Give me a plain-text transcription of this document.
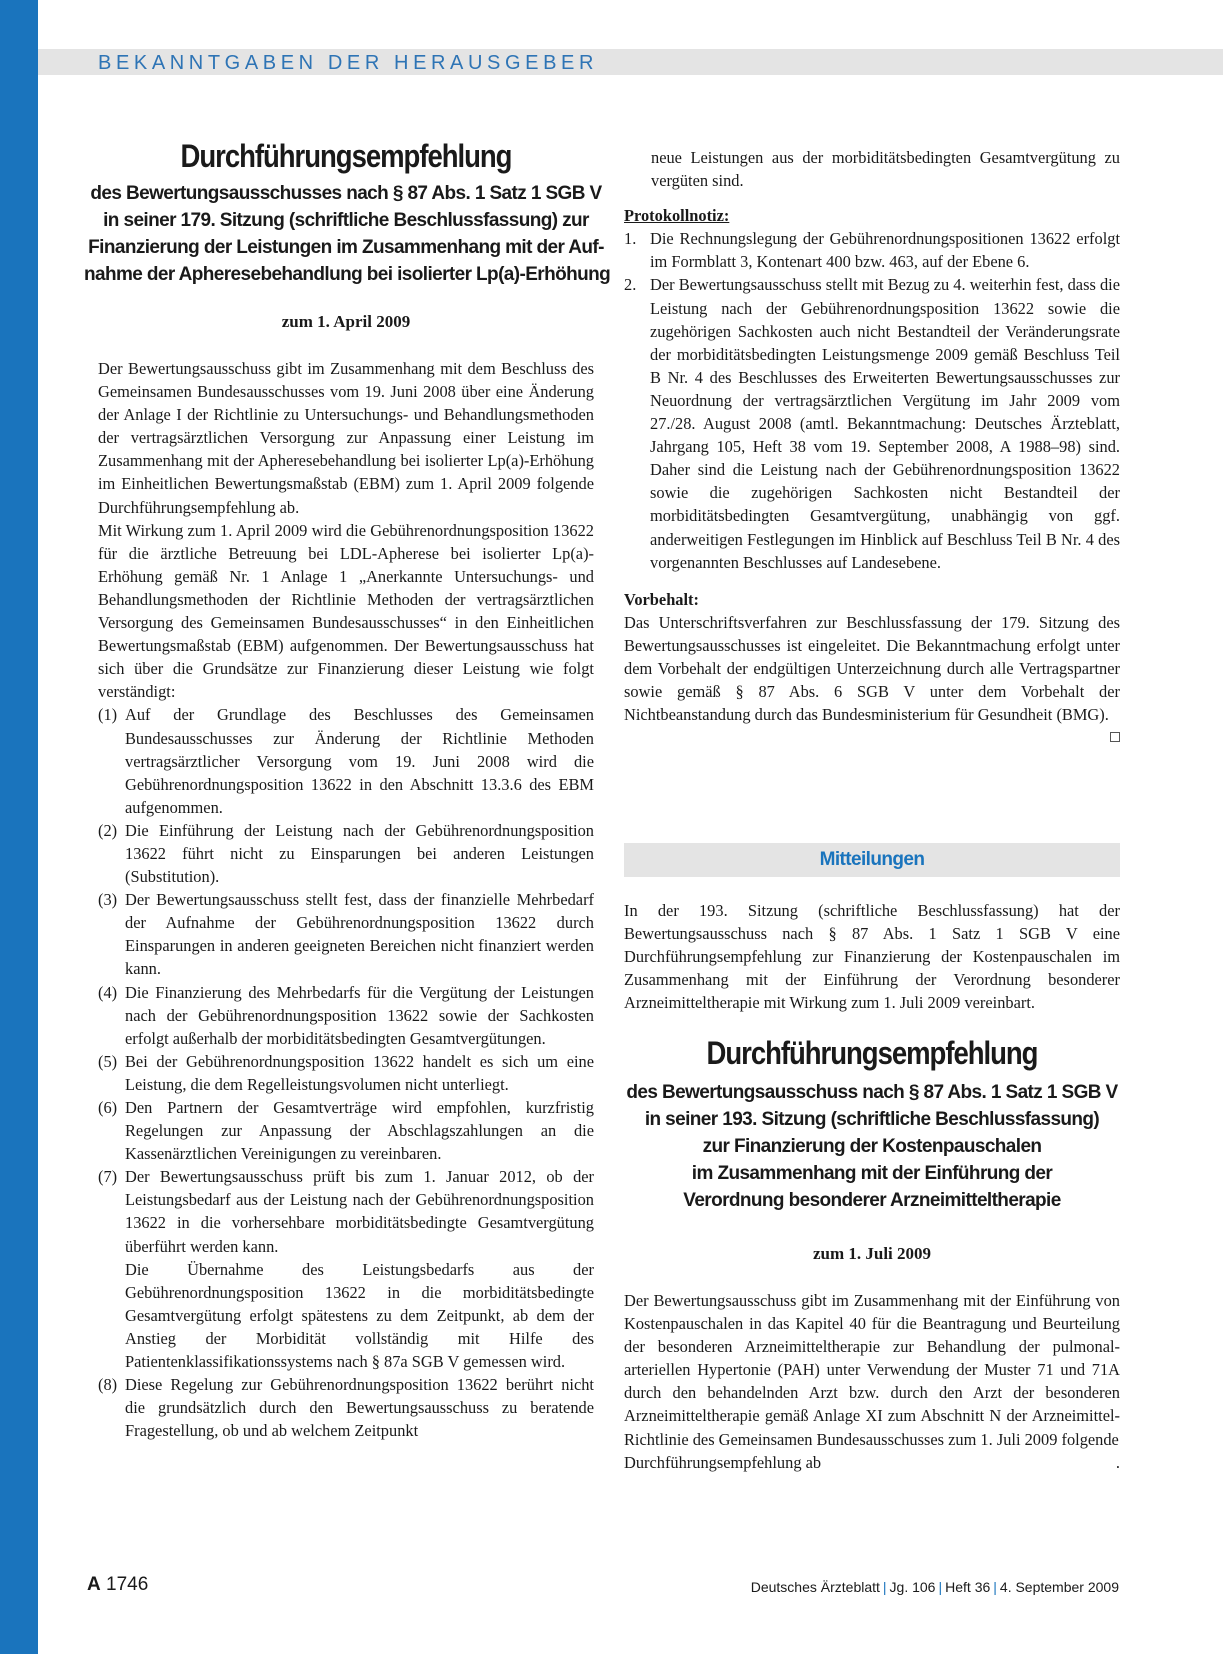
BEKANNTGABEN DER HERAUSGEBER
Durchführungsempfehlung
des Bewertungsausschusses nach § 87 Abs. 1 Satz 1 SGB V
in seiner 179. Sitzung (schriftliche Beschlussfassung) zur
Finanzierung der Leistungen im Zusammenhang mit der Auf-
nahme der Apheresebehandlung bei isolierter Lp(a)-Erhöhung
zum 1. April 2009

Der Bewertungsausschuss gibt im Zusammenhang mit dem Beschluss des Gemeinsamen Bundesausschusses vom 19. Juni 2008 über eine Änderung der Anlage I der Richtlinie zu Untersuchungs- und Behandlungsmethoden der vertragsärztlichen Versorgung zur Anpassung einer Leistung im Zusammenhang mit der Apheresebehandlung bei isolierter Lp(a)-Erhöhung im Einheitlichen Bewertungsmaßstab (EBM) zum 1. April 2009 folgende Durchführungsempfehlung ab.

Mit Wirkung zum 1. April 2009 wird die Gebührenordnungsposition 13622 für die ärztliche Betreuung bei LDL-Apherese bei isolierter Lp(a)-Erhöhung gemäß Nr. 1 Anlage 1 „Anerkannte Untersuchungs- und Behandlungsmethoden der Richtlinie Methoden der vertragsärztlichen Versorgung des Gemeinsamen Bundesausschusses“ in den Einheitlichen Bewertungsmaßstab (EBM) aufgenommen. Der Bewertungsausschuss hat sich über die Grundsätze zur Finanzierung dieser Leistung wie folgt verständigt:

(1) Auf der Grundlage des Beschlusses des Gemeinsamen Bundesausschusses zur Änderung der Richtlinie Methoden vertragsärztlicher Versorgung vom 19. Juni 2008 wird die Gebührenordnungsposition 13622 in den Abschnitt 13.3.6 des EBM aufgenommen.
(2) Die Einführung der Leistung nach der Gebührenordnungsposition 13622 führt nicht zu Einsparungen bei anderen Leistungen (Substitution).
(3) Der Bewertungsausschuss stellt fest, dass der finanzielle Mehrbedarf der Aufnahme der Gebührenordnungsposition 13622 durch Einsparungen in anderen geeigneten Bereichen nicht finanziert werden kann.
(4) Die Finanzierung des Mehrbedarfs für die Vergütung der Leistungen nach der Gebührenordnungsposition 13622 sowie der Sachkosten erfolgt außerhalb der morbiditätsbedingten Gesamtvergütungen.
(5) Bei der Gebührenordnungsposition 13622 handelt es sich um eine Leistung, die dem Regelleistungsvolumen nicht unterliegt.
(6) Den Partnern der Gesamtverträge wird empfohlen, kurzfristig Regelungen zur Anpassung der Abschlagszahlungen an die Kassenärztlichen Vereinigungen zu vereinbaren.
(7) Der Bewertungsausschuss prüft bis zum 1. Januar 2012, ob der Leistungsbedarf aus der Leistung nach der Gebührenordnungsposition 13622 in die vorhersehbare morbiditätsbedingte Gesamtvergütung überführt werden kann.
Die Übernahme des Leistungsbedarfs aus der Gebührenordnungsposition 13622 in die morbiditätsbedingte Gesamtvergütung erfolgt spätestens zu dem Zeitpunkt, ab dem der Anstieg der Morbidität vollständig mit Hilfe des Patientenklassifikationssystems nach § 87a SGB V gemessen wird.
(8) Diese Regelung zur Gebührenordnungsposition 13622 berührt nicht die grundsätzlich durch den Bewertungsausschuss zu beratende Fragestellung, ob und ab welchem Zeitpunkt

neue Leistungen aus der morbiditätsbedingten Gesamtvergütung zu vergüten sind.

Protokollnotiz:

1. Die Rechnungslegung der Gebührenordnungspositionen 13622 erfolgt im Formblatt 3, Kontenart 400 bzw. 463, auf der Ebene 6.
2. Der Bewertungsausschuss stellt mit Bezug zu 4. weiterhin fest, dass die Leistung nach der Gebührenordnungsposition 13622 sowie die zugehörigen Sachkosten auch nicht Bestandteil der Veränderungsrate der morbiditätsbedingten Leistungsmenge 2009 gemäß Beschluss Teil B Nr. 4 des Beschlusses des Erweiterten Bewertungsausschusses zur Neuordnung der vertragsärztlichen Vergütung im Jahr 2009 vom 27./28. August 2008 (amtl. Bekanntmachung: Deutsches Ärzteblatt, Jahrgang 105, Heft 38 vom 19. September 2008, A 1988–98) sind. Daher sind die Leistung nach der Gebührenordnungsposition 13622 sowie die zugehörigen Sachkosten nicht Bestandteil der morbiditätsbedingten Gesamtvergütung, unabhängig von ggf. anderweitigen Festlegungen im Hinblick auf Beschluss Teil B Nr. 4 des vorgenannten Beschlusses auf Landesebene.

Vorbehalt:

Das Unterschriftsverfahren zur Beschlussfassung der 179. Sitzung des Bewertungsausschusses ist eingeleitet. Die Bekanntmachung erfolgt unter dem Vorbehalt der endgültigen Unterzeichnung durch alle Vertragspartner sowie gemäß § 87 Abs. 6 SGB V unter dem Vorbehalt der Nichtbeanstandung durch das Bundesministerium für Gesundheit (BMG).

Mitteilungen

In der 193. Sitzung (schriftliche Beschlussfassung) hat der Bewertungsausschuss nach § 87 Abs. 1 Satz 1 SGB V eine Durchführungsempfehlung zur Finanzierung der Kostenpauschalen im Zusammenhang mit der Einführung der Verordnung besonderer Arzneimitteltherapie mit Wirkung zum 1. Juli 2009 vereinbart.

Durchführungsempfehlung
des Bewertungsausschuss nach § 87 Abs. 1 Satz 1 SGB V
in seiner 193. Sitzung (schriftliche Beschlussfassung)
zur Finanzierung der Kostenpauschalen
im Zusammenhang mit der Einführung der
Verordnung besonderer Arzneimitteltherapie
zum 1. Juli 2009

Der Bewertungsausschuss gibt im Zusammenhang mit der Einführung von Kostenpauschalen in das Kapitel 40 für die Beantragung und Beurteilung der besonderen Arzneimitteltherapie zur Behandlung der pulmonal-arteriellen Hypertonie (PAH) unter Verwendung der Muster 71 und 71A durch den behandelnden Arzt bzw. durch den Arzt der besonderen Arzneimitteltherapie gemäß Anlage XI zum Abschnitt N der Arzneimittel-Richtlinie des Gemeinsamen Bundesausschusses zum 1. Juli 2009 folgende

Durchführungsempfehlung ab	.

A 1746	Deutsches Ärzteblatt | Jg. 106 | Heft 36 | 4. September 2009
